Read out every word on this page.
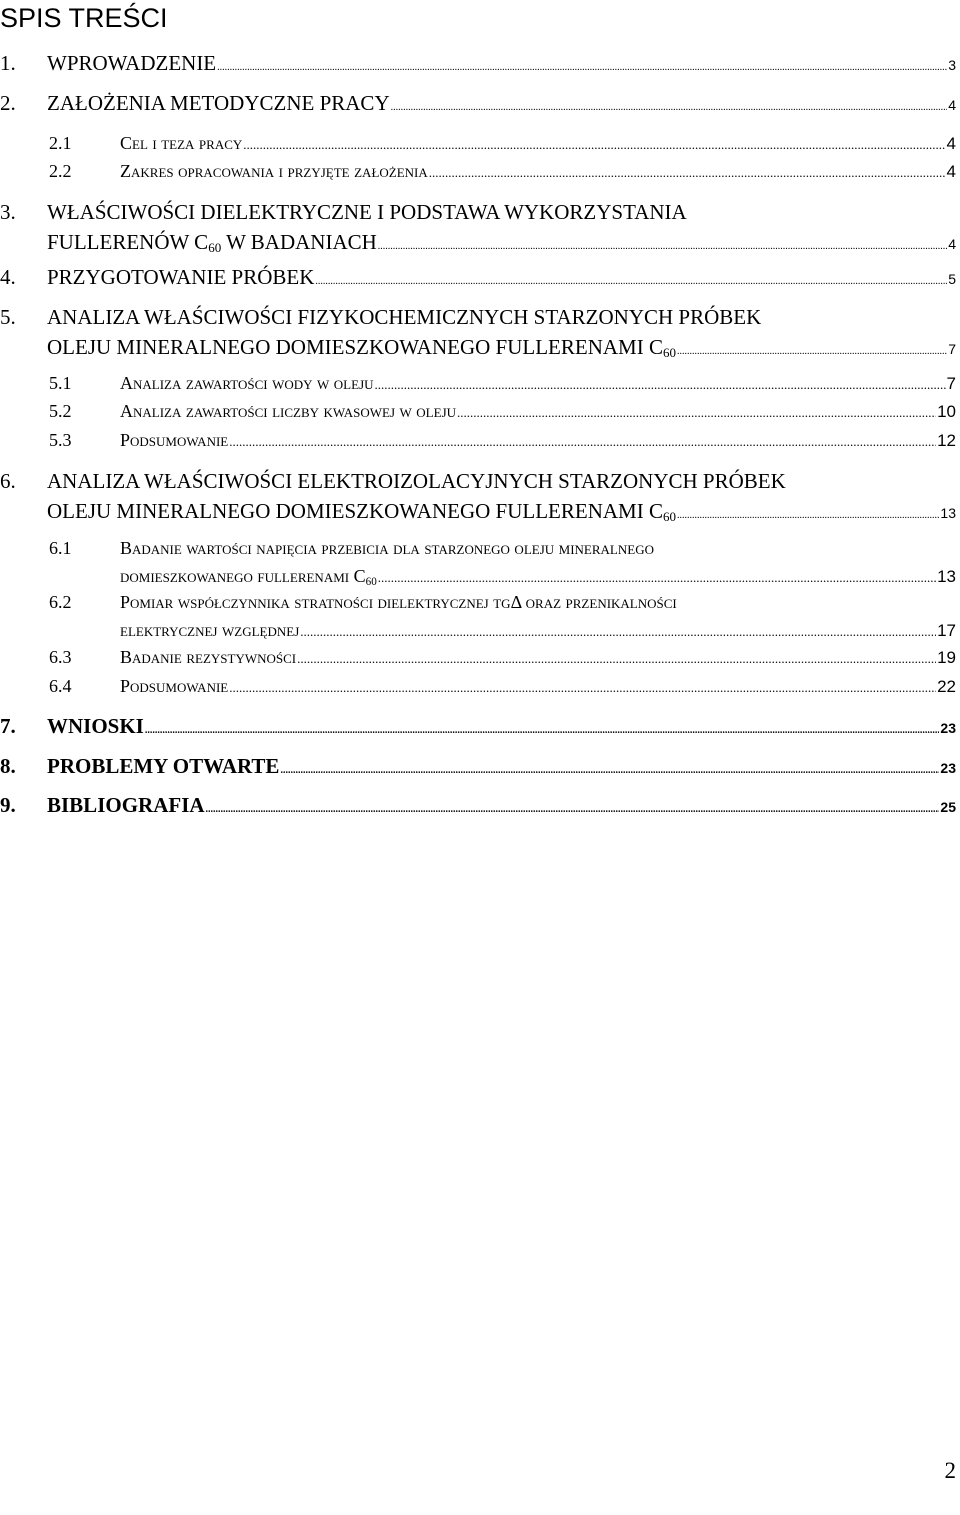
SPIS TREŚCI
1.	WPROWADZENIE .....	3
2.	ZAŁOŻENIA METODYCZNE PRACY .....	4
2.1	Cel i teza pracy .....	4
2.2	Zakres opracowania i przyjęte założenia .....	4
3.	WŁAŚCIWOŚCI DIELEKTRYCZNE I PODSTAWA WYKORZYSTANIA
FULLERENÓW $C_{60}$ W BADANIACH .....	4
4.	PRZYGOTOWANIE PRÓBEK .....	5
5.	ANALIZA WŁAŚCIWOŚCI FIZYKOCHEMICZNYCH STARZONYCH PRÓBEK
OLEJU MINERALNEGO DOMIESZKOWANEGO FULLERENAMI $C_{60}$ .....	7
5.1	Analiza zawartości wody w oleju .....	7
5.2	Analiza zawartości liczby kwasowej w oleju .....	10
5.3	Podsumowanie .....	12
6.	ANALIZA WŁAŚCIWOŚCI ELEKTROIZOLACYJNYCH STARZONYCH PRÓBEK
OLEJU MINERALNEGO DOMIESZKOWANEGO FULLERENAMI $C_{60}$ .....	13
6.1	Badanie wartości napięcia przebicia dla starzonego oleju mineralnego
domieszkowanego fullerenami $C_{60}$ .....	13
6.2	Pomiar współczynnika stratności dielektrycznej tgΔ oraz przenikalności
elektrycznej względnej .....	17
6.3	Badanie rezystywności .....	19
6.4	Podsumowanie .....	22
7.	WNIOSKI .....	23
8.	PROBLEMY OTWARTE .....	23
9.	BIBLIOGRAFIA .....	25
2
